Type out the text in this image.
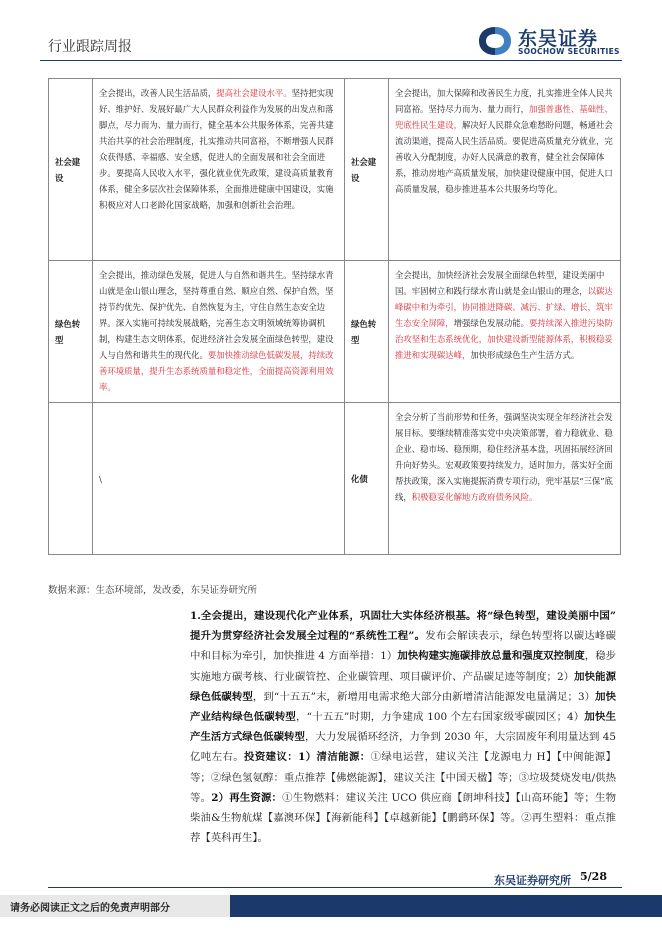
行业跟踪周报	东吴证券
SOOCHOW SECURITIES
社会建设	全会提出，改善人民生活品质，提高社会建设水平。坚持把实现好、维护好、发展好最广大人民群众利益作为发展的出发点和落脚点，尽力而为、量力而行，健全基本公共服务体系，完善共建共治共享的社会治理制度，扎实推动共同富裕，不断增强人民群众获得感、幸福感、安全感，促进人的全面发展和社会全面进步。要提高人民收入水平，强化就业优先政策，建设高质量教育体系，健全多层次社会保障体系，全面推进健康中国建设，实施积极应对人口老龄化国家战略，加强和创新社会治理。	社会建设	全会提出，加大保障和改善民生力度，扎实推进全体人民共同富裕。坚持尽力而为、量力而行，加强普惠性、基础性、兜底性民生建设，解决好人民群众急难愁盼问题，畅通社会流动渠道，提高人民生活品质。要促进高质量充分就业，完善收入分配制度，办好人民满意的教育，健全社会保障体系，推动房地产高质量发展，加快建设健康中国，促进人口高质量发展，稳步推进基本公共服务均等化。
绿色转型	全会提出，推动绿色发展，促进人与自然和谐共生。坚持绿水青山就是金山银山理念，坚持尊重自然、顺应自然、保护自然，坚持节约优先、保护优先、自然恢复为主，守住自然生态安全边界。深入实施可持续发展战略，完善生态文明领域统筹协调机制，构建生态文明体系，促进经济社会发展全面绿色转型，建设人与自然和谐共生的现代化。要加快推动绿色低碳发展，持续改善环境质量，提升生态系统质量和稳定性，全面提高资源利用效率。	绿色转型	全会提出，加快经济社会发展全面绿色转型，建设美丽中国。牢固树立和践行绿水青山就是金山银山的理念，以碳达峰碳中和为牵引，协同推进降碳、减污、扩绿、增长，筑牢生态安全屏障，增强绿色发展动能。要持续深入推进污染防治攻坚和生态系统优化，加快建设新型能源体系，积极稳妥推进和实现碳达峰，加快形成绿色生产生活方式。
	\	化债	全会分析了当前形势和任务，强调坚决实现全年经济社会发展目标。要继续精准落实党中央决策部署，着力稳就业、稳企业、稳市场、稳预期，稳住经济基本盘，巩固拓展经济回升向好势头。宏观政策要持续发力，适时加力，落实好全面帮扶政策，深入实施提振消费专项行动，兜牢基层“三保”底线，积极稳妥化解地方政府债务风险。
数据来源：生态环境部，发改委，东吴证券研究所
1.全会提出，建设现代化产业体系，巩固壮大实体经济根基。将“绿色转型，建设美丽中国” 提升为贯穿经济社会发展全过程的“系统性工程”。发布会解读表示，绿色转型将以碳达峰碳中和目标为牵引，加快推进 4 方面举措：1）加快构建实施碳排放总量和强度双控制度，稳步实施地方碳考核、行业碳管控、企业碳管理、项目碳评价、产品碳足迹等制度；2）加快能源绿色低碳转型，到“十五五”末，新增用电需求绝大部分由新增清洁能源发电量满足；3）加快产业结构绿色低碳转型，“十五五”时期，力争建成 100 个左右国家级零碳园区；4）加快生产生活方式绿色低碳转型，大力发展循环经济，力争到 2030 年，大宗固废年利用量达到 45 亿吨左右。投资建议：1）清洁能源：①绿电运营，建议关注【龙源电力 H】【中闽能源】等；②绿色氢氨醇：重点推荐【佛燃能源】，建议关注【中国天楹】等；③垃圾焚烧发电/供热等。2）再生资源：①生物燃料：建议关注 UCO 供应商【朗坤科技】【山高环能】等；生物柴油&生物航煤【嘉澳环保】【海新能科】【卓越新能】【鹏鹞环保】等。②再生塑料：重点推荐【英科再生】。
东吴证券研究所 5/28
请务必阅读正文之后的免责声明部分
